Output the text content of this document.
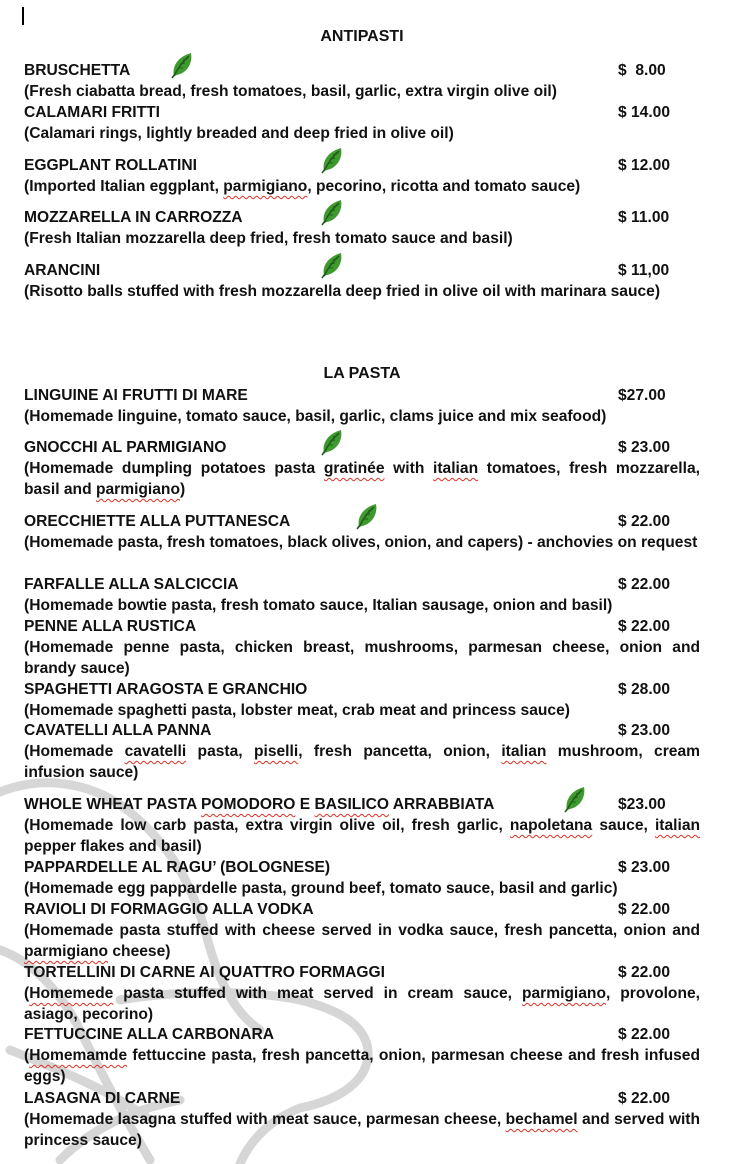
ANTIPASTI
LA PASTA
BRUSCHETTA	$  8.00
(Fresh ciabatta bread, fresh tomatoes, basil, garlic, extra virgin olive oil)
CALAMARI FRITTI	$ 14.00
(Calamari rings, lightly breaded and deep fried in olive oil)
EGGPLANT ROLLATINI	$ 12.00
(Imported Italian eggplant, parmigiano, pecorino, ricotta and tomato sauce)
MOZZARELLA IN CARROZZA	$ 11.00
(Fresh Italian mozzarella deep fried, fresh tomato sauce and basil)
ARANCINI	$ 11,00
(Risotto balls stuffed with fresh mozzarella deep fried in olive oil with marinara sauce)
LINGUINE AI FRUTTI DI MARE	$27.00
(Homemade linguine, tomato sauce, basil, garlic, clams juice and mix seafood)
GNOCCHI AL PARMIGIANO	$ 23.00
(Homemade dumpling potatoes pasta gratinée with italian tomatoes, fresh mozzarella, basil and parmigiano)
ORECCHIETTE ALLA PUTTANESCA	$ 22.00
(Homemade pasta, fresh tomatoes, black olives, onion, and capers) - anchovies on request
FARFALLE ALLA SALCICCIA	$ 22.00
(Homemade bowtie pasta, fresh tomato sauce, Italian sausage, onion and basil)
PENNE ALLA RUSTICA	$ 22.00
(Homemade penne pasta, chicken breast, mushrooms, parmesan cheese, onion and brandy sauce)
SPAGHETTI ARAGOSTA E GRANCHIO	$ 28.00
(Homemade spaghetti pasta, lobster meat, crab meat and princess sauce)
CAVATELLI ALLA PANNA	$ 23.00
(Homemade cavatelli pasta, piselli, fresh pancetta, onion, italian mushroom, cream infusion sauce)
WHOLE WHEAT PASTA POMODORO E BASILICO ARRABBIATA	$23.00
(Homemade low carb pasta, extra virgin olive oil, fresh garlic, napoletana sauce, italian pepper flakes and basil)
PAPPARDELLE AL RAGU’ (BOLOGNESE)	$ 23.00
(Homemade egg pappardelle pasta, ground beef, tomato sauce, basil and garlic)
RAVIOLI DI FORMAGGIO ALLA VODKA	$ 22.00
(Homemade pasta stuffed with cheese served in vodka sauce, fresh pancetta, onion and parmigiano cheese)
TORTELLINI DI CARNE AI QUATTRO FORMAGGI	$ 22.00
(Homemede pasta stuffed with meat served in cream sauce, parmigiano, provolone, asiago, pecorino)
FETTUCCINE ALLA CARBONARA	$ 22.00
(Homemamde fettuccine pasta, fresh pancetta, onion, parmesan cheese and fresh infused eggs)
LASAGNA DI CARNE	$ 22.00
(Homemade lasagna stuffed with meat sauce, parmesan cheese, bechamel and served with princess sauce)
